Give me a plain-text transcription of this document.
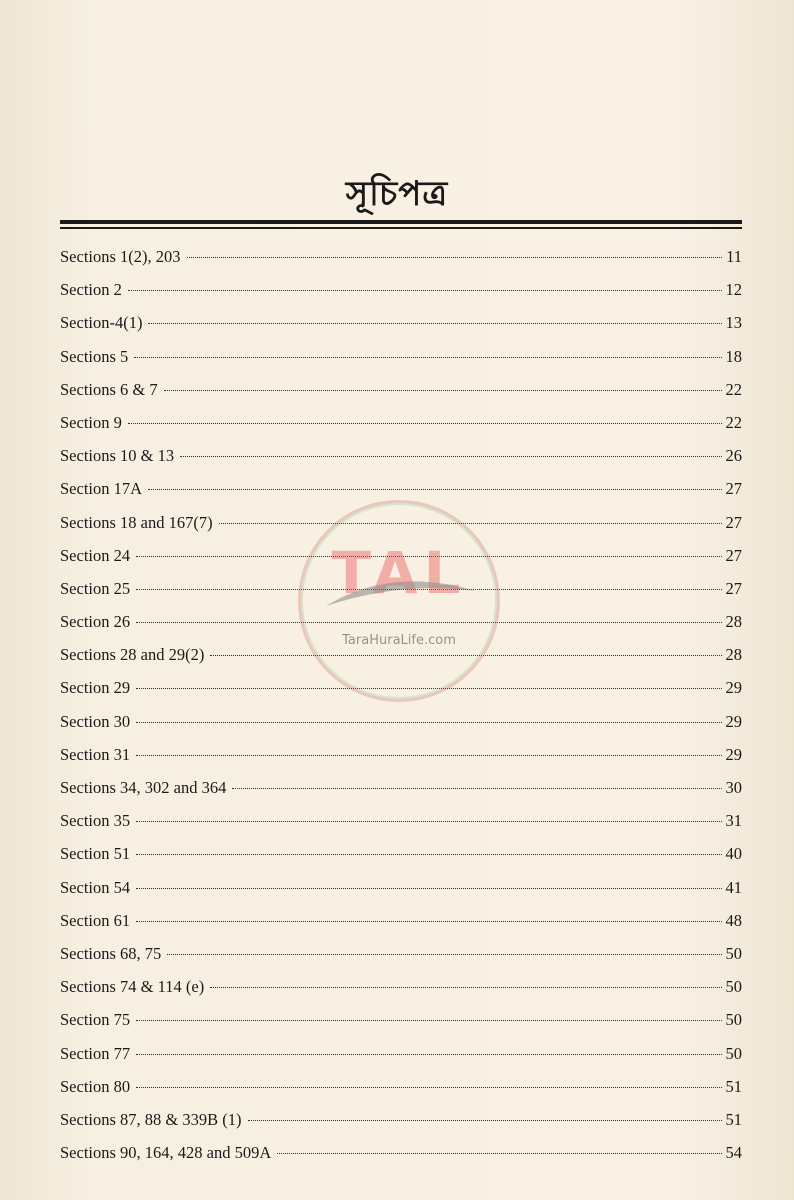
সূচিপত্র
Sections 1(2), 203	11
Section 2	12
Section-4(1)	13
Sections 5	18
Sections 6 & 7	22
Section 9	22
Sections 10 & 13	26
Section 17A	27
Sections 18 and 167(7)	27
Section 24	27
Section 25	27
Section 26	28
Sections 28 and 29(2)	28
Section 29	29
Section 30	29
Section 31	29
Sections 34, 302 and 364	30
Section 35	31
Section 51	40
Section 54	41
Section 61	48
Sections 68, 75	50
Sections 74 & 114 (e)	50
Section 75	50
Section 77	50
Section 80	51
Sections 87, 88 & 339B (1)	51
Sections 90, 164, 428 and 509A	54
TAL
TaraHuraLife.com
